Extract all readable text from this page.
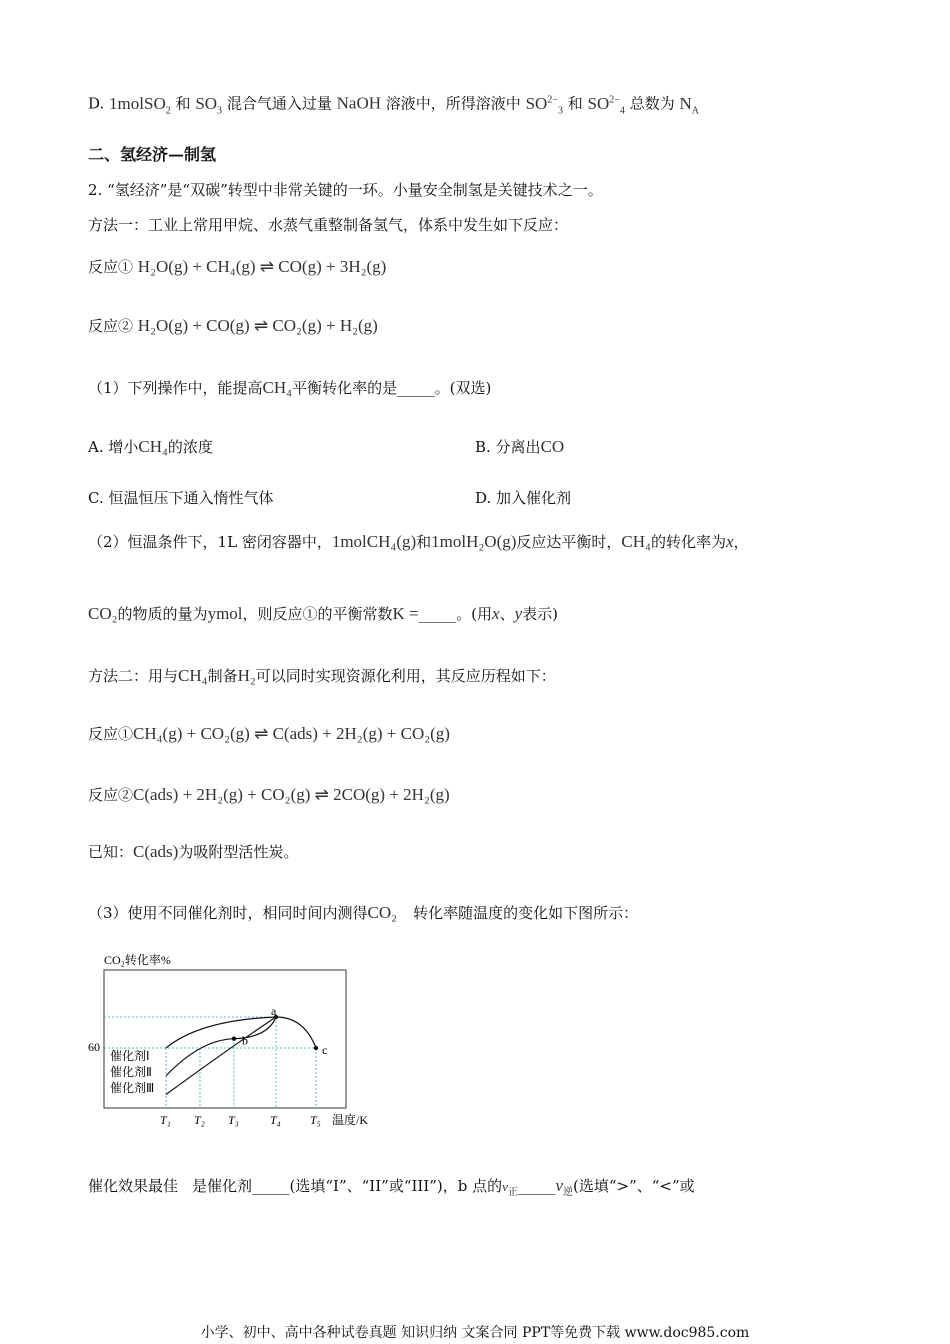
D. 1molSO$_2$ 和 $SO_3$ 混合气通入过量 NaOH 溶液中，所得溶液中 $SO^{2-}_3$ 和 $SO^{2-}_4$ 总数为 $N_A$
二、氢经济—制氢
2. “氢经济”是“双碳”转型中非常关键的一环。小量安全制氢是关键技术之一。
方法一：工业上常用甲烷、水蒸气重整制备氢气，体系中发生如下反应：
反应① H₂O(g) + CH₄(g) ⇌ CO(g) + 3H₂(g)
反应② H₂O(g) + CO(g) ⇌ CO₂(g) + H₂(g)
（1）下列操作中，能提高CH₄平衡转化率的是_____。(双选)
A. 增小CH₄的浓度	B. 分离出CO
C. 恒温恒压下通入惰性气体	D. 加入催化剂
（2）恒温条件下，1L 密闭容器中，1molCH₄(g)和1molH₂O(g)反应达平衡时，CH₄的转化率为x，
CO₂的物质的量为ymol，则反应①的平衡常数K =_____。(用x、y表示)
方法二：用与CH₄制备H₂可以同时实现资源化利用，其反应历程如下：
反应①CH₄(g) + CO₂(g) ⇌ C(ads) + 2H₂(g) + CO₂(g)
反应②C(ads) + 2H₂(g) + CO₂(g) ⇌ 2CO(g) + 2H₂(g)
已知：C(ads)为吸附型活性炭。
（3）使用不同催化剂时，相同时间内测得CO₂ 转化率随温度的变化如下图所示：
CO₂转化率%
温度/K
60
a
b
c
T₁ T₂ T₃	T₄ T₅
催化剂Ⅰ
催化剂Ⅱ
催化剂Ⅲ
催化效果最佳 是催化剂_____(选填“I”、“II”或“III”)，b 点的$v_正\_\_\_\_\_v_逆$(选填“>”、“<”或
小学、初中、高中各种试卷真题 知识归纳 文案合同 PPT等免费下载 www.doc985.com
